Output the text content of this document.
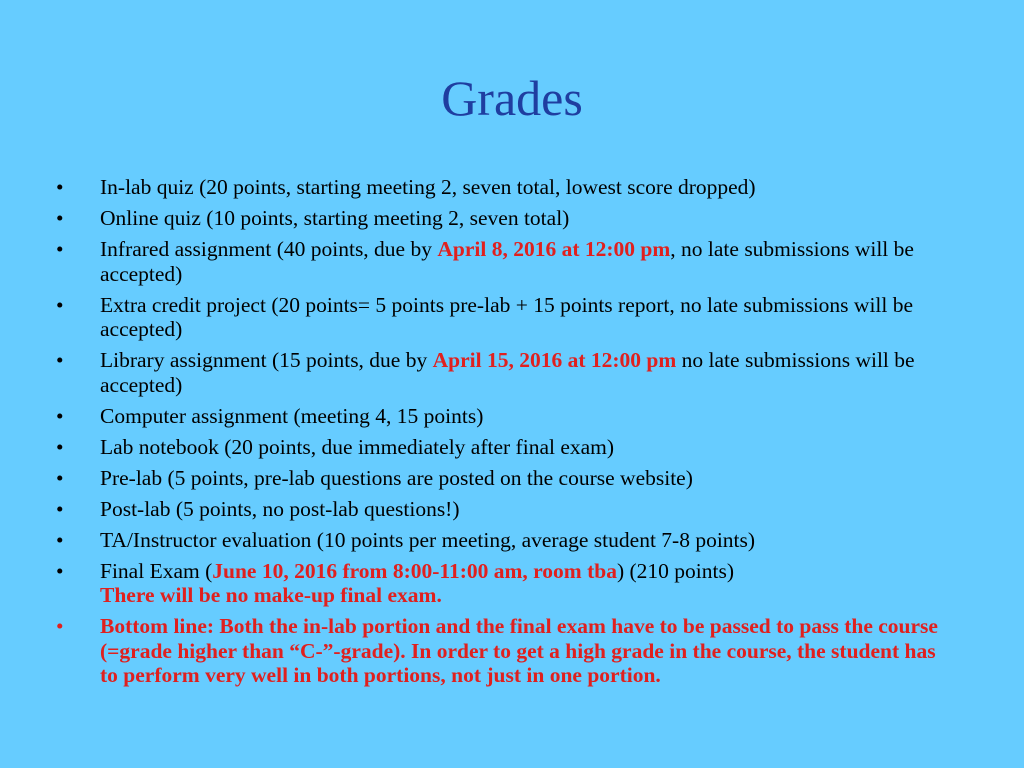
Grades
• In-lab quiz (20 points, starting meeting 2, seven total, lowest score dropped)
• Online quiz (10 points, starting meeting 2, seven total)
• Infrared assignment (40 points, due by April 8, 2016 at 12:00 pm, no late submissions will be accepted)
• Extra credit project (20 points= 5 points pre-lab + 15 points report, no late submissions will be accepted)
• Library assignment (15 points, due by April 15, 2016 at 12:00 pm no late submissions will be accepted)
• Computer assignment (meeting 4, 15 points)
• Lab notebook (20 points, due immediately after final exam)
• Pre-lab (5 points, pre-lab questions are posted on the course website)
• Post-lab (5 points, no post-lab questions!)
• TA/Instructor evaluation (10 points per meeting, average student 7-8 points)
• Final Exam (June 10, 2016 from 8:00-11:00 am, room tba) (210 points)
There will be no make-up final exam.
• Bottom line: Both the in-lab portion and the final exam have to be passed to pass the course (=grade higher than “C-”-grade). In order to get a high grade in the course, the student has to perform very well in both portions, not just in one portion.
